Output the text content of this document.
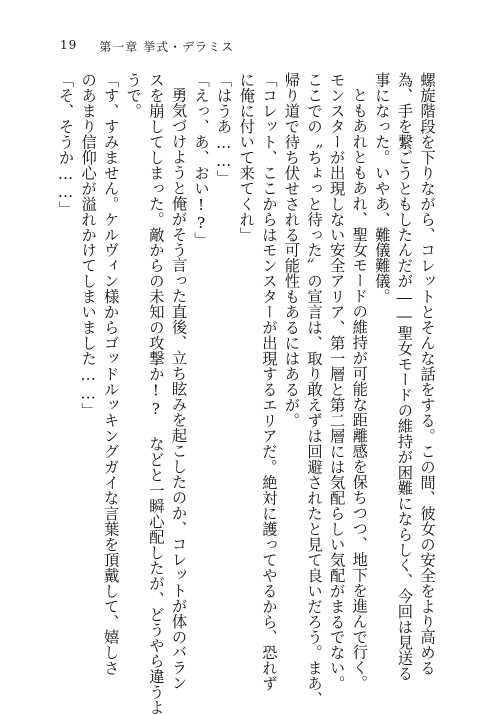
19 第一章 挙式・デラミス
螺旋階段を下りながら、コレットとそんな話をする。この間、彼女の安全をより高める
為、手を繋ごうともしたんだが――聖女モードの維持が困難にならしく、今回は見送る
事になった。いやあ、難儀難儀。
ともあれともあれ、聖女モードの維持が可能な距離感を保ちつつ、地下を進んで行く。
モンスターが出現しない安全アリア、第一層と第二層には気配らしい気配がまるでない。
ここでの〝ちょっと待った〟の宣言は、取り敢えずは回避されたと見て良いだろう。まあ、
帰り道で待ち伏せされる可能性もあるにはあるが。
「コレット、ここからはモンスターが出現するエリアだ。絶対に護ってやるから、恐れず
に俺に付いて来てくれ」
「はうあ……」
「えっ、あ、おい!?」
勇気づけようと俺がそう言った直後、立ち眩みを起こしたのか、コレットが体のバラン
スを崩してしまった。敵からの未知の攻撃か!? などと一瞬心配したが、どうやら違うよ
うで。
「す、すみません。ケルヴィン様からゴッドルッキングガイな言葉を頂戴して、嬉しさ
のあまり信仰心が溢れかけてしまいました……」
「そ、そうか……」
